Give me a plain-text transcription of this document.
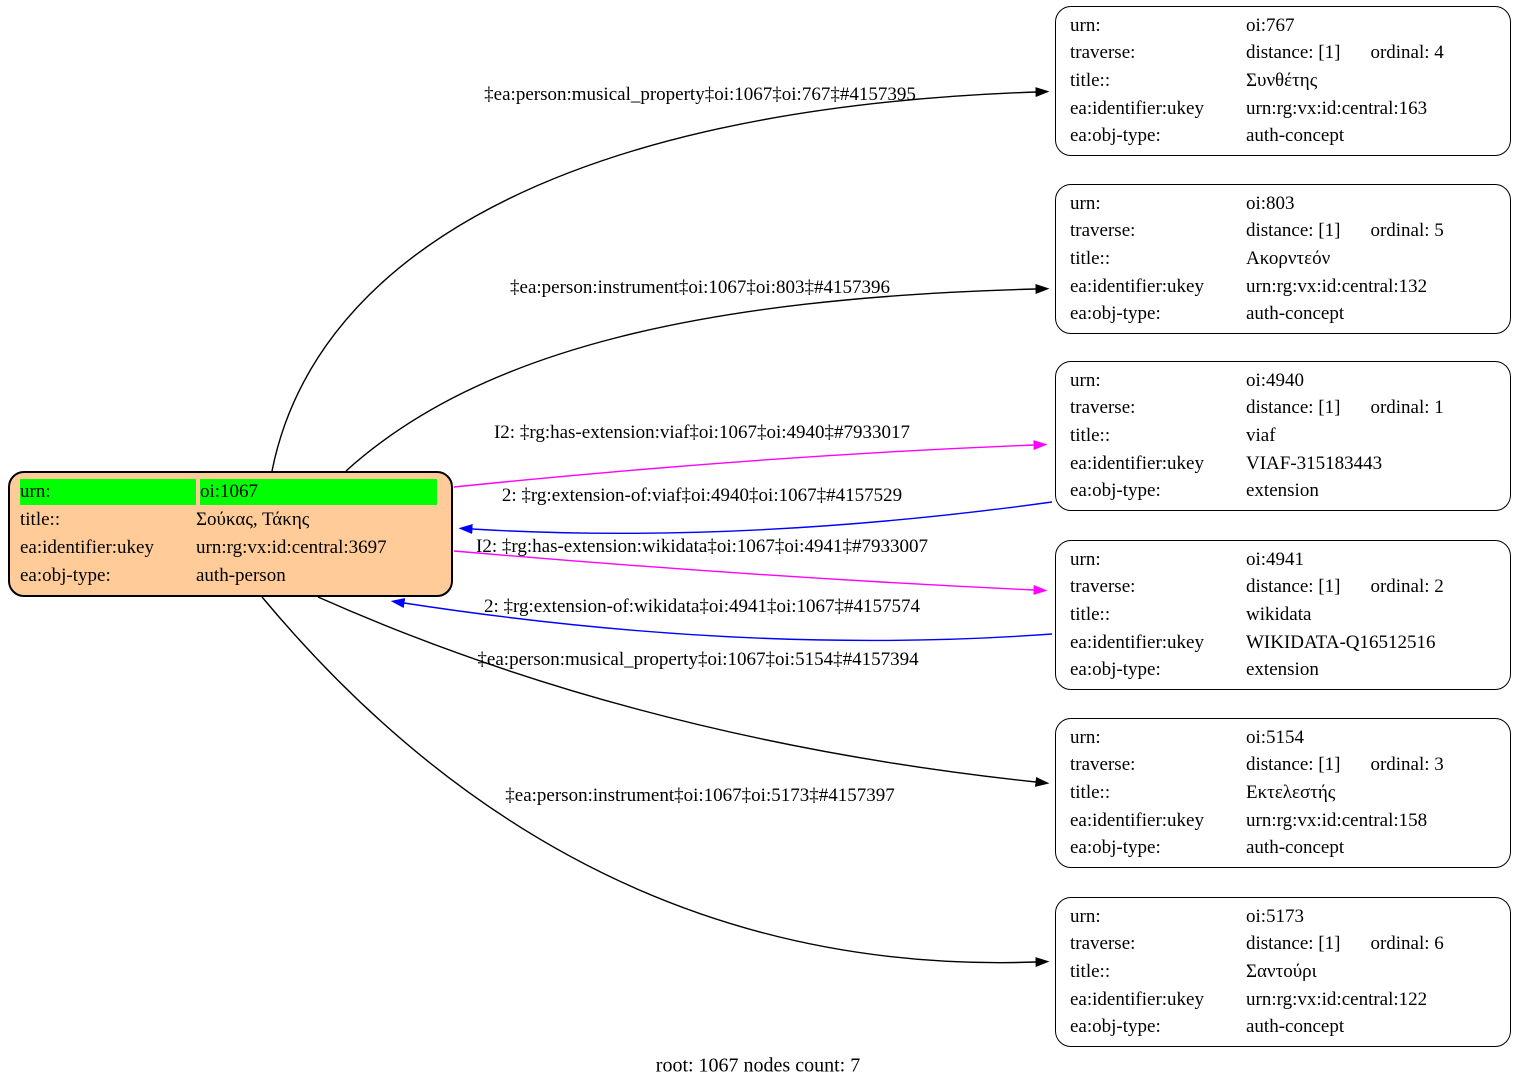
urn:	oi:1067
title::	Σούκας, Τάκης
ea:identifier:ukey	urn:rg:vx:id:central:3697
ea:obj-type:	auth-person
urn:	oi:767
traverse:	distance: [1] ordinal: 4
title::	Συνθέτης
ea:identifier:ukey	urn:rg:vx:id:central:163
ea:obj-type:	auth-concept
urn:	oi:803
traverse:	distance: [1] ordinal: 5
title::	Ακορντεόν
ea:identifier:ukey	urn:rg:vx:id:central:132
ea:obj-type:	auth-concept
urn:	oi:4940
traverse:	distance: [1] ordinal: 1
title::	viaf
ea:identifier:ukey	VIAF-315183443
ea:obj-type:	extension
urn:	oi:4941
traverse:	distance: [1] ordinal: 2
title::	wikidata
ea:identifier:ukey	WIKIDATA-Q16512516
ea:obj-type:	extension
urn:	oi:5154
traverse:	distance: [1] ordinal: 3
title::	Εκτελεστής
ea:identifier:ukey	urn:rg:vx:id:central:158
ea:obj-type:	auth-concept
urn:	oi:5173
traverse:	distance: [1] ordinal: 6
title::	Σαντούρι
ea:identifier:ukey	urn:rg:vx:id:central:122
ea:obj-type:	auth-concept
‡ea:person:musical_property‡oi:1067‡oi:767‡#4157395
‡ea:person:instrument‡oi:1067‡oi:803‡#4157396
I2: ‡rg:has-extension:viaf‡oi:1067‡oi:4940‡#7933017
2: ‡rg:extension-of:viaf‡oi:4940‡oi:1067‡#4157529
I2: ‡rg:has-extension:wikidata‡oi:1067‡oi:4941‡#7933007
2: ‡rg:extension-of:wikidata‡oi:4941‡oi:1067‡#4157574
‡ea:person:musical_property‡oi:1067‡oi:5154‡#4157394
‡ea:person:instrument‡oi:1067‡oi:5173‡#4157397
root: 1067 nodes count: 7
